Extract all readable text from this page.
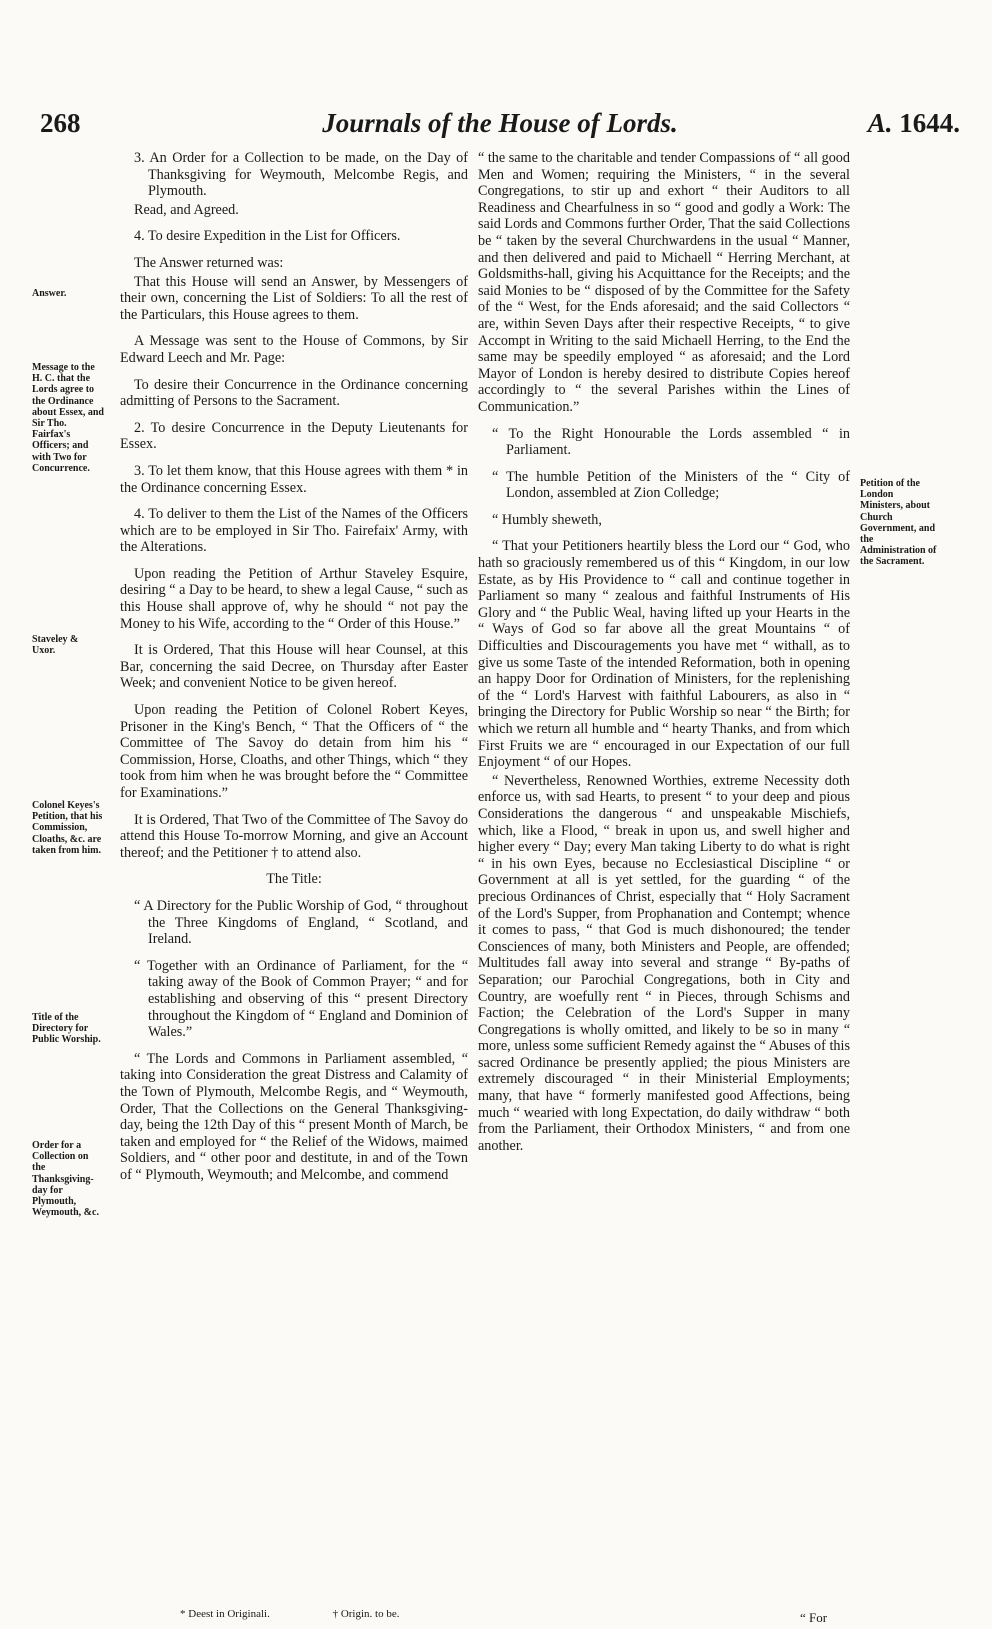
268	Journals of the House of Lords.	A. 1644.
Answer.
Message to the H. C. that the Lords agree to the Ordinance about Essex, and Sir Tho. Fairfax's Officers; and with Two for Concurrence.
Staveley & Uxor.
Colonel Keyes's Petition, that his Commission, Cloaths, &c. are taken from him.
Title of the Directory for Public Worship.
Order for a Collection on the Thanksgiving-day for Plymouth, Weymouth, &c.

3. An Order for a Collection to be made, on the Day of Thanksgiving for Weymouth, Melcombe Regis, and Plymouth.

Read, and Agreed.

4. To desire Expedition in the List for Officers.

The Answer returned was:

That this House will send an Answer, by Messengers of their own, concerning the List of Soldiers: To all the rest of the Particulars, this House agrees to them.

A Message was sent to the House of Commons, by Sir Edward Leech and Mr. Page:

To desire their Concurrence in the Ordinance concerning admitting of Persons to the Sacrament.

2. To desire Concurrence in the Deputy Lieutenants for Essex.

3. To let them know, that this House agrees with them * in the Ordinance concerning Essex.

4. To deliver to them the List of the Names of the Officers which are to be employed in Sir Tho. Fairefaix' Army, with the Alterations.

Upon reading the Petition of Arthur Staveley Esquire, desiring “ a Day to be heard, to shew a legal Cause, “ such as this House shall approve of, why he should “ not pay the Money to his Wife, according to the “ Order of this House.”

It is Ordered, That this House will hear Counsel, at this Bar, concerning the said Decree, on Thursday after Easter Week; and convenient Notice to be given hereof.

Upon reading the Petition of Colonel Robert Keyes, Prisoner in the King's Bench, “ That the Officers of “ the Committee of The Savoy do detain from him his “ Commission, Horse, Cloaths, and other Things, which “ they took from him when he was brought before the “ Committee for Examinations.”

It is Ordered, That Two of the Committee of The Savoy do attend this House To-morrow Morning, and give an Account thereof; and the Petitioner † to attend also.

The Title:

“ A Directory for the Public Worship of God, “ throughout the Three Kingdoms of England, “ Scotland, and Ireland.

“ Together with an Ordinance of Parliament, for the “ taking away of the Book of Common Prayer; “ and for establishing and observing of this “ present Directory throughout the Kingdom of “ England and Dominion of Wales.”

“ The Lords and Commons in Parliament assembled, “ taking into Consideration the great Distress and Calamity of the Town of Plymouth, Melcombe Regis, and “ Weymouth, Order, That the Collections on the General Thanksgiving-day, being the 12th Day of this “ present Month of March, be taken and employed for “ the Relief of the Widows, maimed Soldiers, and “ other poor and destitute, in and of the Town of “ Plymouth, Weymouth; and Melcombe, and commend

“ the same to the charitable and tender Compassions of “ all good Men and Women; requiring the Ministers, “ in the several Congregations, to stir up and exhort “ their Auditors to all Readiness and Chearfulness in so “ good and godly a Work: The said Lords and Commons further Order, That the said Collections be “ taken by the several Churchwardens in the usual “ Manner, and then delivered and paid to Michaell “ Herring Merchant, at Goldsmiths-hall, giving his Acquittance for the Receipts; and the said Monies to be “ disposed of by the Committee for the Safety of the “ West, for the Ends aforesaid; and the said Collectors “ are, within Seven Days after their respective Receipts, “ to give Accompt in Writing to the said Michaell Herring, to the End the same may be speedily employed “ as aforesaid; and the Lord Mayor of London is hereby desired to distribute Copies hereof accordingly to “ the several Parishes within the Lines of Communication.”

“ To the Right Honourable the Lords assembled “ in Parliament.

“ The humble Petition of the Ministers of the “ City of London, assembled at Zion Colledge;

“ Humbly sheweth,

“ That your Petitioners heartily bless the Lord our “ God, who hath so graciously remembered us of this “ Kingdom, in our low Estate, as by His Providence to “ call and continue together in Parliament so many “ zealous and faithful Instruments of His Glory and “ the Public Weal, having lifted up your Hearts in the “ Ways of God so far above all the great Mountains “ of Difficulties and Discouragements you have met “ withall, as to give us some Taste of the intended Reformation, both in opening an happy Door for Ordination of Ministers, for the replenishing of the “ Lord's Harvest with faithful Labourers, as also in “ bringing the Directory for Public Worship so near “ the Birth; for which we return all humble and “ hearty Thanks, and from which First Fruits we are “ encouraged in our Expectation of our full Enjoyment “ of our Hopes.

“ Nevertheless, Renowned Worthies, extreme Necessity doth enforce us, with sad Hearts, to present “ to your deep and pious Considerations the dangerous “ and unspeakable Mischiefs, which, like a Flood, “ break in upon us, and swell higher and higher every “ Day; every Man taking Liberty to do what is right “ in his own Eyes, because no Ecclesiastical Discipline “ or Government at all is yet settled, for the guarding “ of the precious Ordinances of Christ, especially that “ Holy Sacrament of the Lord's Supper, from Prophanation and Contempt; whence it comes to pass, “ that God is much dishonoured; the tender Consciences of many, both Ministers and People, are offended; Multitudes fall away into several and strange “ By-paths of Separation; our Parochial Congregations, both in City and Country, are woefully rent “ in Pieces, through Schisms and Faction; the Celebration of the Lord's Supper in many Congregations is wholly omitted, and likely to be so in many “ more, unless some sufficient Remedy against the “ Abuses of this sacred Ordinance be presently applied; the pious Ministers are extremely discouraged “ in their Ministerial Employments; many, that have “ formerly manifested good Affections, being much “ wearied with long Expectation, do daily withdraw “ both from the Parliament, their Orthodox Ministers, “ and from one another.

Petition of the London Ministers, about Church Government, and the Administration of the Sacrament.
* Deest in Originali.	† Origin. to be.	“ For
